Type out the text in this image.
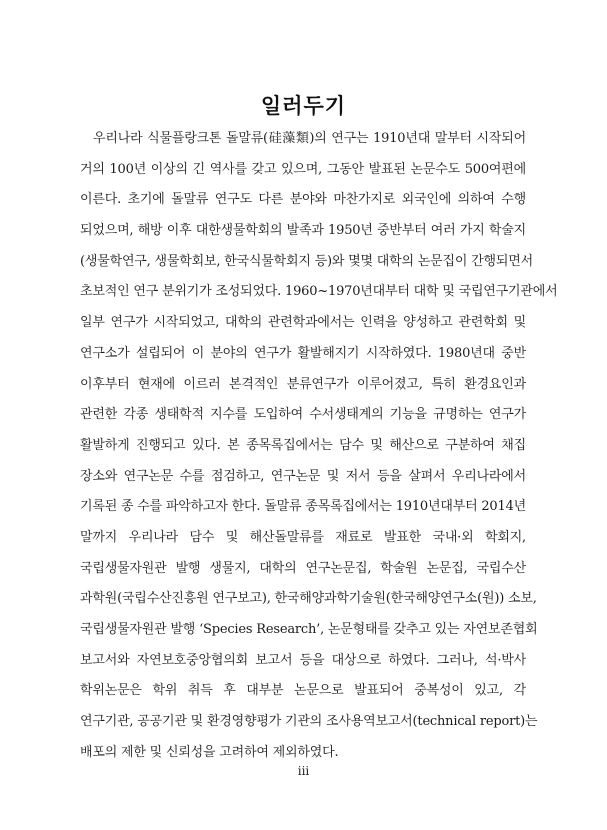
일러두기

우리나라 식물플랑크톤 돌말류(硅藻類)의 연구는 1910년대 말부터 시작되어
거의 100년 이상의 긴 역사를 갖고 있으며, 그동안 발표된 논문수도 500여편에
이른다. 초기에 돌말류 연구도 다른 분야와 마찬가지로 외국인에 의하여 수행
되었으며, 해방 이후 대한생물학회의 발족과 1950년 중반부터 여러 가지 학술지
(생물학연구, 생물학회보, 한국식물학회지 등)와 몇몇 대학의 논문집이 간행되면서
초보적인 연구 분위기가 조성되었다. 1960~1970년대부터 대학 및 국립연구기관에서
일부 연구가 시작되었고, 대학의 관련학과에서는 인력을 양성하고 관련학회 및
연구소가 설립되어 이 분야의 연구가 활발해지기 시작하였다. 1980년대 중반
이후부터 현재에 이르러 본격적인 분류연구가 이루어졌고, 특히 환경요인과
관련한 각종 생태학적 지수를 도입하여 수서생태계의 기능을 규명하는 연구가
활발하게 진행되고 있다. 본 종목록집에서는 담수 및 해산으로 구분하여 채집
장소와 연구논문 수를 점검하고, 연구논문 및 저서 등을 살펴서 우리나라에서
기록된 종 수를 파악하고자 한다. 돌말류 종목록집에서는 1910년대부터 2014년
말까지 우리나라 담수 및 해산돌말류를 재료로 발표한 국내·외 학회지,
국립생물자원관 발행 생물지, 대학의 연구논문집, 학술원 논문집, 국립수산
과학원(국립수산진흥원 연구보고), 한국해양과학기술원(한국해양연구소(원)) 소보,
국립생물자원관 발행 ‘Species Research’, 논문형태를 갖추고 있는 자연보존협회
보고서와 자연보호중앙협의회 보고서 등을 대상으로 하였다. 그러나, 석·박사
학위논문은 학위 취득 후 대부분 논문으로 발표되어 중복성이 있고, 각
연구기관, 공공기관 및 환경영향평가 기관의 조사용역보고서(technical report)는
배포의 제한 및 신뢰성을 고려하여 제외하였다.

iii
